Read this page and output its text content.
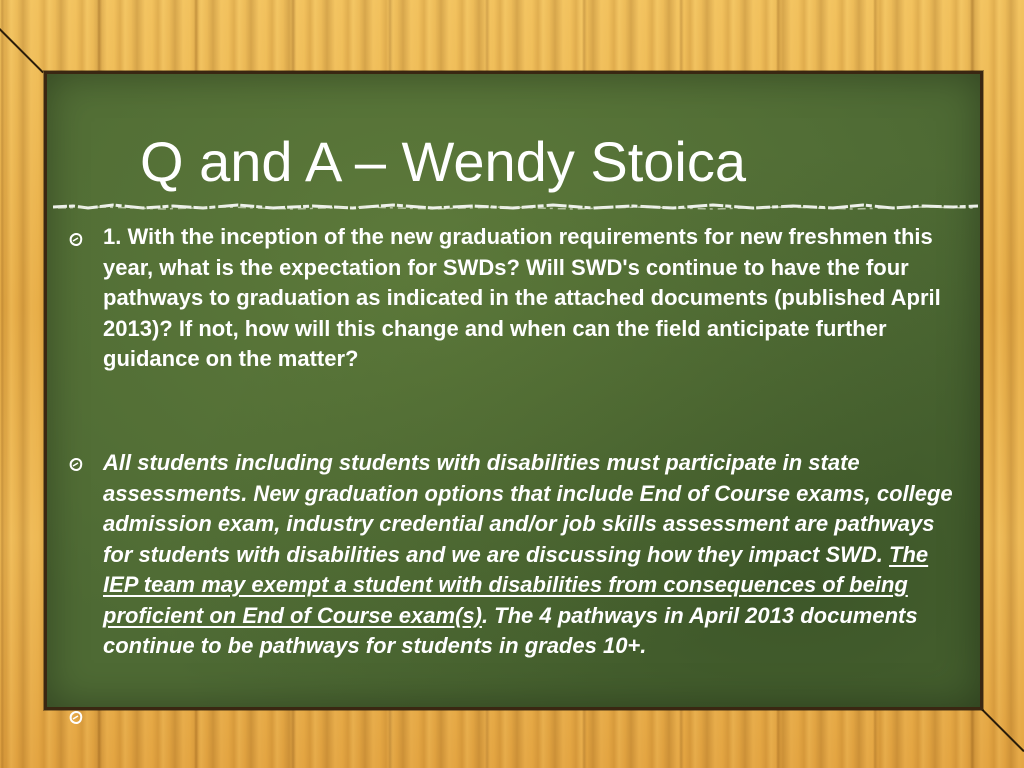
Q and A – Wendy Stoica

1. With the inception of the new graduation requirements for new freshmen this year, what is the expectation for SWDs? Will SWD's continue to have the four pathways to graduation as indicated in the attached documents (published April 2013)? If not, how will this change and when can the field anticipate further guidance on the matter?

All students including students with disabilities must participate in state assessments. New graduation options that include End of Course exams, college admission exam, industry credential and/or job skills assessment are pathways for students with disabilities and we are discussing how they impact SWD. The IEP team may exempt a student with disabilities from consequences of being proficient on End of Course exam(s). The 4 pathways in April 2013 documents continue to be pathways for students in grades 10+.
